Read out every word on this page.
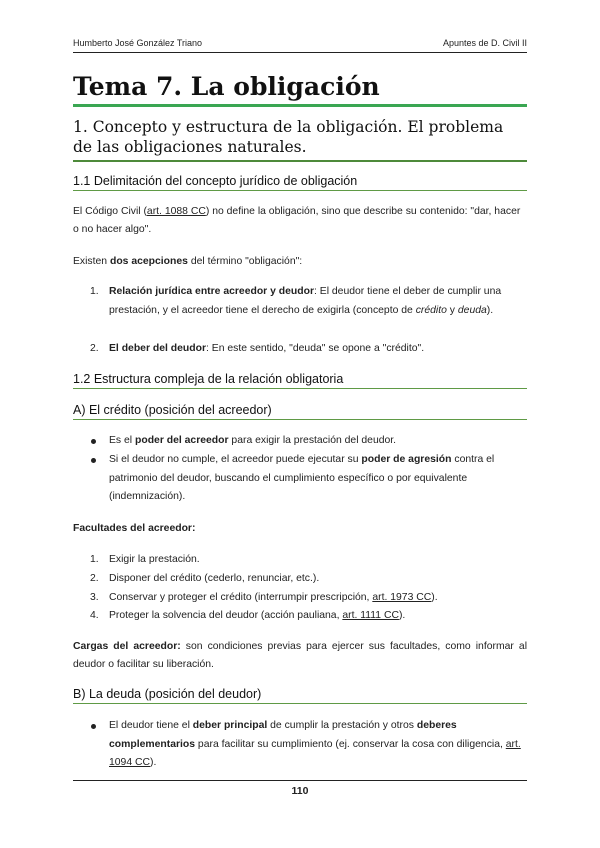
Humberto José González Triano	Apuntes de D. Civil II
Tema 7. La obligación
1. Concepto y estructura de la obligación. El problema de las obligaciones naturales.
1.1 Delimitación del concepto jurídico de obligación
El Código Civil (art. 1088 CC) no define la obligación, sino que describe su contenido: "dar, hacer o no hacer algo".
Existen dos acepciones del término "obligación":
1. Relación jurídica entre acreedor y deudor: El deudor tiene el deber de cumplir una prestación, y el acreedor tiene el derecho de exigirla (concepto de crédito y deuda).
2. El deber del deudor: En este sentido, "deuda" se opone a "crédito".
1.2 Estructura compleja de la relación obligatoria
A) El crédito (posición del acreedor)
Es el poder del acreedor para exigir la prestación del deudor.
Si el deudor no cumple, el acreedor puede ejecutar su poder de agresión contra el patrimonio del deudor, buscando el cumplimiento específico o por equivalente (indemnización).
Facultades del acreedor:
1. Exigir la prestación.
2. Disponer del crédito (cederlo, renunciar, etc.).
3. Conservar y proteger el crédito (interrumpir prescripción, art. 1973 CC).
4. Proteger la solvencia del deudor (acción pauliana, art. 1111 CC).
Cargas del acreedor: son condiciones previas para ejercer sus facultades, como informar al deudor o facilitar su liberación.
B) La deuda (posición del deudor)
El deudor tiene el deber principal de cumplir la prestación y otros deberes complementarios para facilitar su cumplimiento (ej. conservar la cosa con diligencia, art. 1094 CC).
110
